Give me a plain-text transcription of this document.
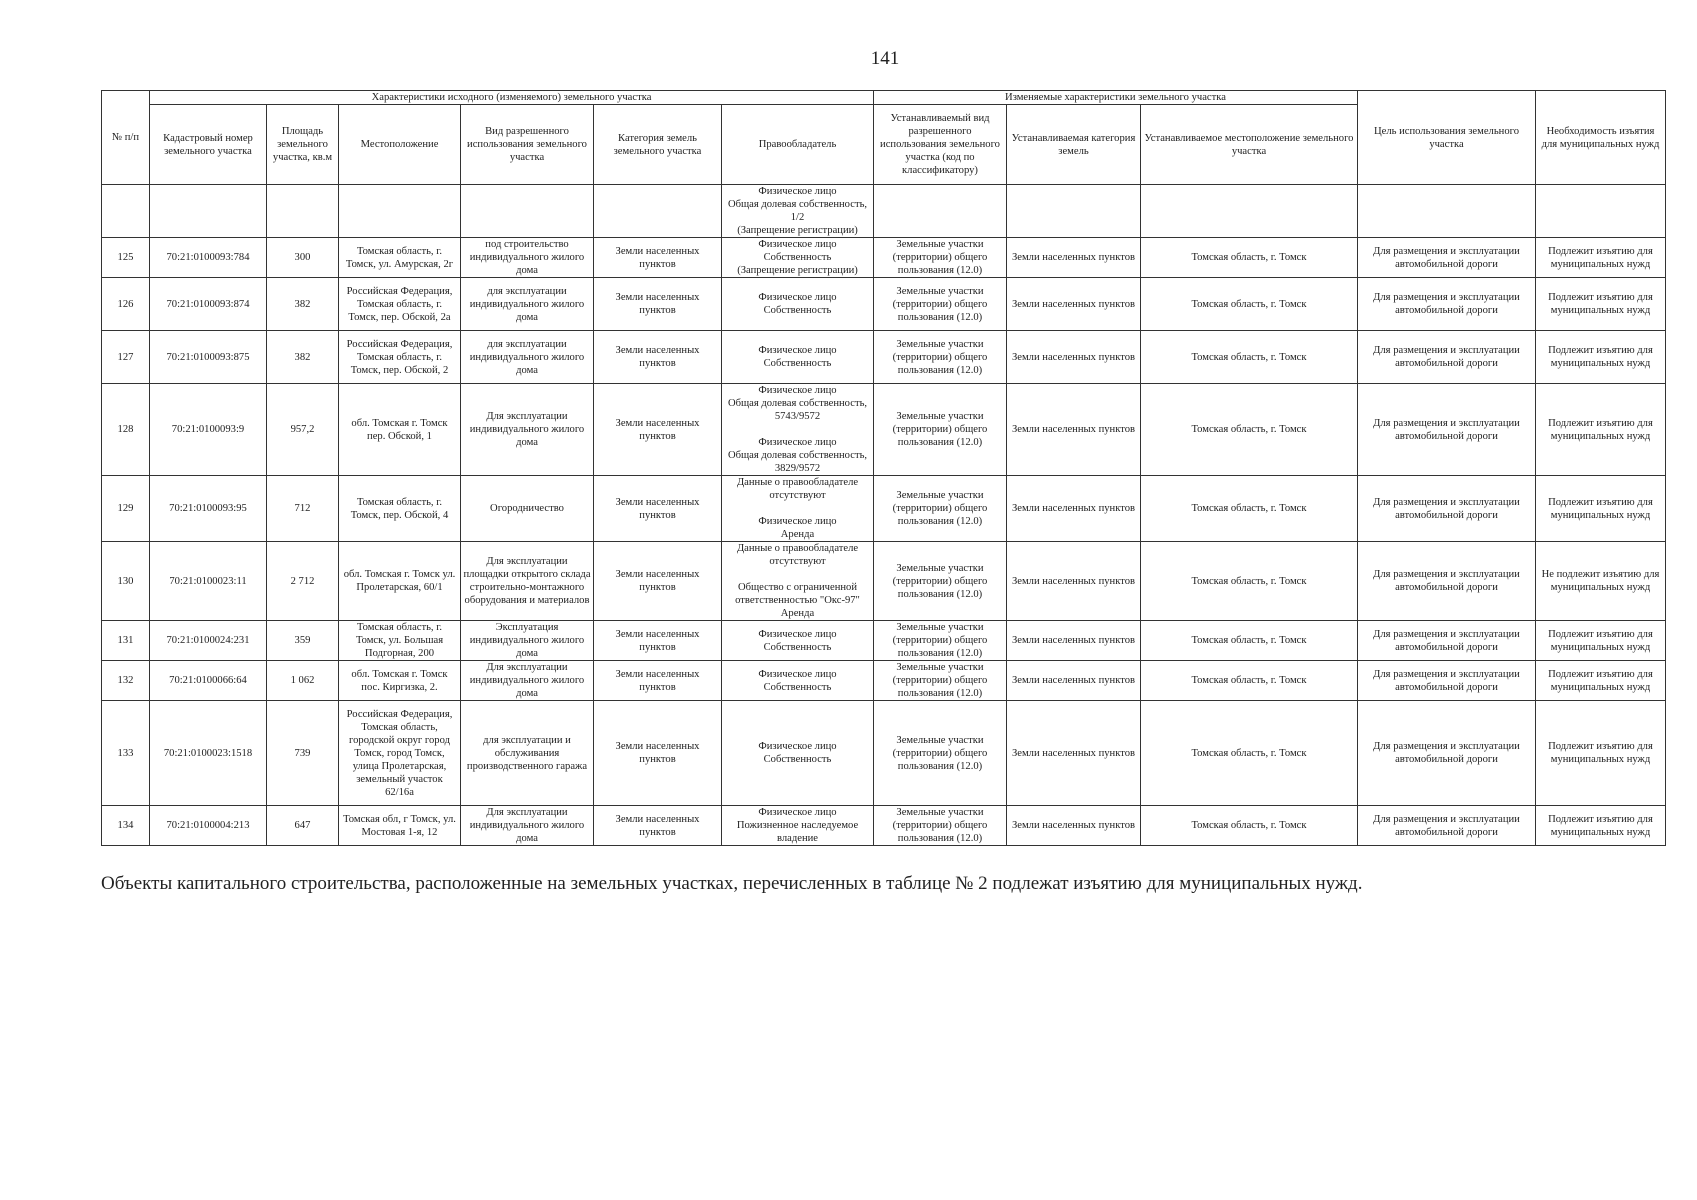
141
№ п/п	Характеристики исходного (изменяемого) земельного участка						Изменяемые характеристики земельного участка			Цель использования земельного участка	Необходимость изъятия для муниципальных нужд
	Кадастровый номер земельного участка	Площадь земельного участка, кв.м	Местоположение	Вид разрешенного использования земельного участка	Категория земель земельного участка	Правообладатель	Устанавливаемый вид разрешенного использования земельного участка (код по классификатору)	Устанавливаемая категория земель	Устанавливаемое местоположение земельного участка		
						Физическое лицо
Общая долевая собственность, 1/2
(Запрещение регистрации)					
125	70:21:0100093:784	300	Томская область, г. Томск, ул. Амурская, 2г	под строительство индивидуального жилого дома	Земли населенных пунктов	Физическое лицо
Собственность
(Запрещение регистрации)	Земельные участки (территории) общего пользования (12.0)	Земли населенных пунктов	Томская область, г. Томск	Для размещения и эксплуатации автомобильной дороги	Подлежит изъятию для муниципальных нужд
126	70:21:0100093:874	382	Российская Федерация, Томская область, г. Томск, пер. Обской, 2а	для эксплуатации индивидуального жилого дома	Земли населенных пунктов	Физическое лицо
Собственность	Земельные участки (территории) общего пользования (12.0)	Земли населенных пунктов	Томская область, г. Томск	Для размещения и эксплуатации автомобильной дороги	Подлежит изъятию для муниципальных нужд
127	70:21:0100093:875	382	Российская Федерация, Томская область, г. Томск, пер. Обской, 2	для эксплуатации индивидуального жилого дома	Земли населенных пунктов	Физическое лицо
Собственность	Земельные участки (территории) общего пользования (12.0)	Земли населенных пунктов	Томская область, г. Томск	Для размещения и эксплуатации автомобильной дороги	Подлежит изъятию для муниципальных нужд
128	70:21:0100093:9	957,2	обл. Томская г. Томск пер. Обской, 1	Для эксплуатации индивидуального жилого дома	Земли населенных пунктов	Физическое лицо
Общая долевая собственность, 5743/9572

Физическое лицо
Общая долевая собственность, 3829/9572	Земельные участки (территории) общего пользования (12.0)	Земли населенных пунктов	Томская область, г. Томск	Для размещения и эксплуатации автомобильной дороги	Подлежит изъятию для муниципальных нужд
129	70:21:0100093:95	712	Томская область, г. Томск, пер. Обской, 4	Огородничество	Земли населенных пунктов	Данные о правообладателе отсутствуют

Физическое лицо
Аренда	Земельные участки (территории) общего пользования (12.0)	Земли населенных пунктов	Томская область, г. Томск	Для размещения и эксплуатации автомобильной дороги	Подлежит изъятию для муниципальных нужд
130	70:21:0100023:11	2 712	обл. Томская г. Томск ул. Пролетарская, 60/1	Для эксплуатации площадки открытого склада строительно-монтажного оборудования и материалов	Земли населенных пунктов	Данные о правообладателе отсутствуют

Общество с ограниченной ответственностью "Окс-97"
Аренда	Земельные участки (территории) общего пользования (12.0)	Земли населенных пунктов	Томская область, г. Томск	Для размещения и эксплуатации автомобильной дороги	Не подлежит изъятию для муниципальных нужд
131	70:21:0100024:231	359	Томская область, г. Томск, ул. Большая Подгорная, 200	Эксплуатация индивидуального жилого дома	Земли населенных пунктов	Физическое лицо
Собственность	Земельные участки (территории) общего пользования (12.0)	Земли населенных пунктов	Томская область, г. Томск	Для размещения и эксплуатации автомобильной дороги	Подлежит изъятию для муниципальных нужд
132	70:21:0100066:64	1 062	обл. Томская г. Томск пос. Киргизка, 2.	Для эксплуатации индивидуального жилого дома	Земли населенных пунктов	Физическое лицо
Собственность	Земельные участки (территории) общего пользования (12.0)	Земли населенных пунктов	Томская область, г. Томск	Для размещения и эксплуатации автомобильной дороги	Подлежит изъятию для муниципальных нужд
133	70:21:0100023:1518	739	Российская Федерация, Томская область, городской округ город Томск, город Томск, улица Пролетарская, земельный участок 62/16а	для эксплуатации и обслуживания производственного гаража	Земли населенных пунктов	Физическое лицо
Собственность	Земельные участки (территории) общего пользования (12.0)	Земли населенных пунктов	Томская область, г. Томск	Для размещения и эксплуатации автомобильной дороги	Подлежит изъятию для муниципальных нужд
134	70:21:0100004:213	647	Томская обл, г Томск, ул. Мостовая 1-я, 12	Для эксплуатации индивидуального жилого дома	Земли населенных пунктов	Физическое лицо
Пожизненное наследуемое владение	Земельные участки (территории) общего пользования (12.0)	Земли населенных пунктов	Томская область, г. Томск	Для размещения и эксплуатации автомобильной дороги	Подлежит изъятию для муниципальных нужд
Объекты капитального строительства, расположенные на земельных участках, перечисленных в таблице № 2 подлежат изъятию для муниципальных нужд.
